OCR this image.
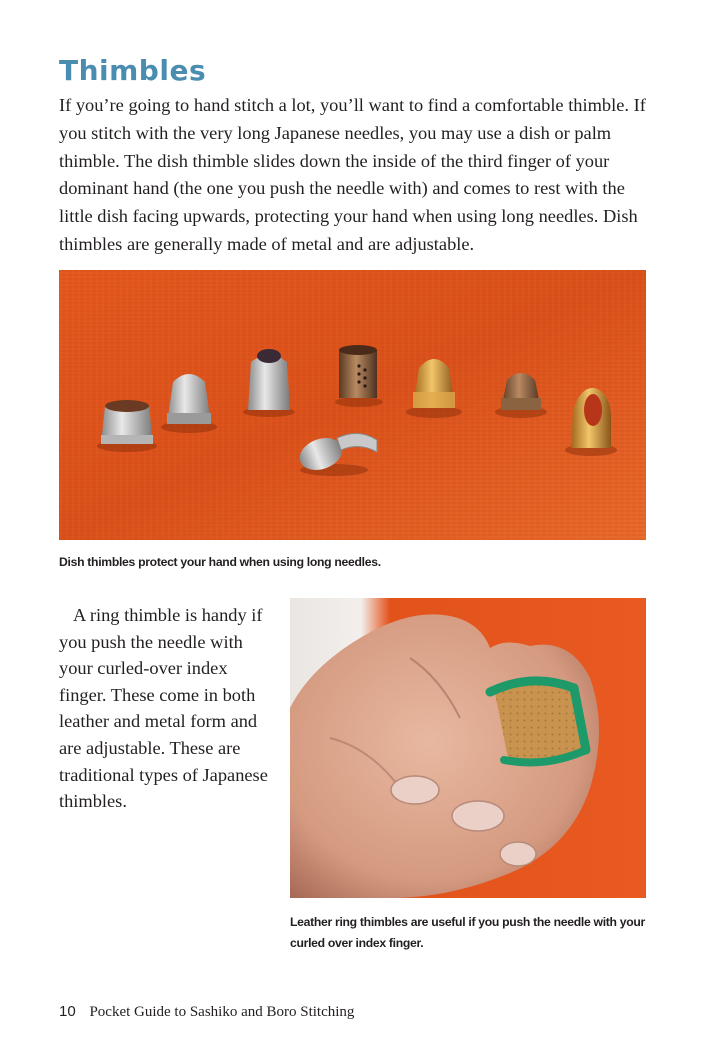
Thimbles

If you’re going to hand stitch a lot, you’ll want to find a comfortable thimble. If you stitch with the very long Japanese needles, you may use a dish or palm thimble. The dish thimble slides down the inside of the third finger of your dominant hand (the one you push the needle with) and comes to rest with the little dish facing upwards, protecting your hand when using long needles. Dish thimbles are generally made of metal and are adjustable.

Dish thimbles protect your hand when using long needles.

A ring thimble is handy if you push the needle with your curled-over index finger. These come in both leather and metal form and are adjustable. These are traditional types of Japanese thimbles.

Leather ring thimbles are useful if you push the needle with your curled over index finger.

10 Pocket Guide to Sashiko and Boro Stitching
